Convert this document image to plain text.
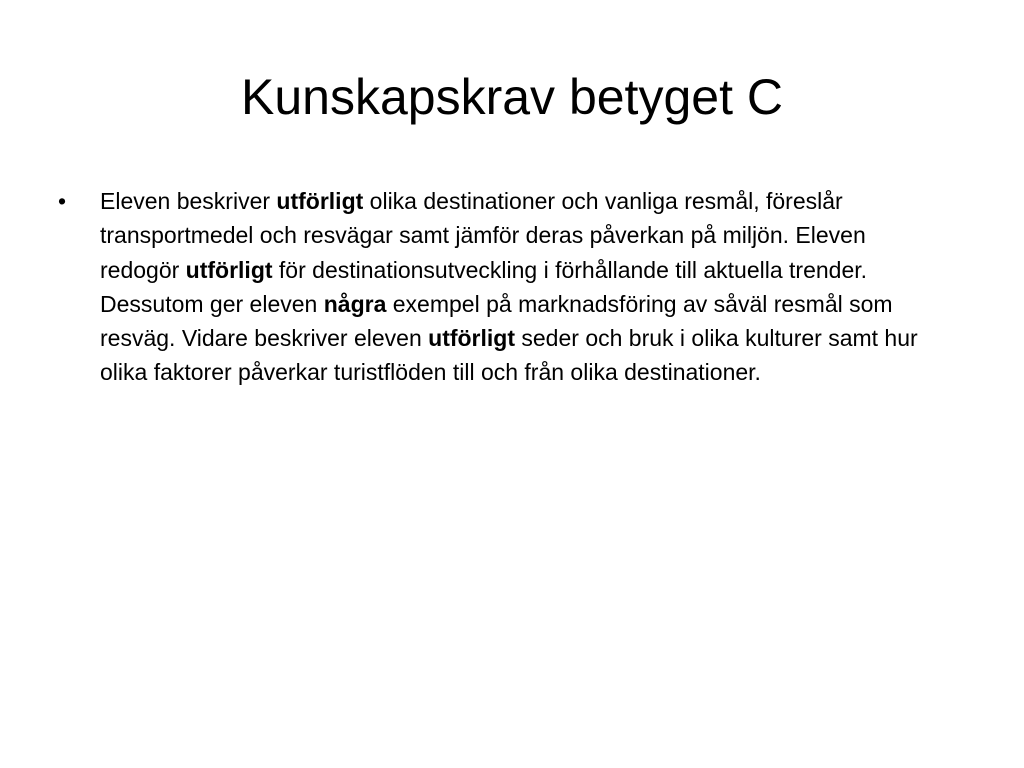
Kunskapskrav betyget C
• Eleven beskriver utförligt olika destinationer och vanliga resmål, föreslår transportmedel och resvägar samt jämför deras påverkan på miljön. Eleven redogör utförligt för destinationsutveckling i förhållande till aktuella trender. Dessutom ger eleven några exempel på marknadsföring av såväl resmål som resväg. Vidare beskriver eleven utförligt seder och bruk i olika kulturer samt hur olika faktorer påverkar turistflöden till och från olika destinationer.
